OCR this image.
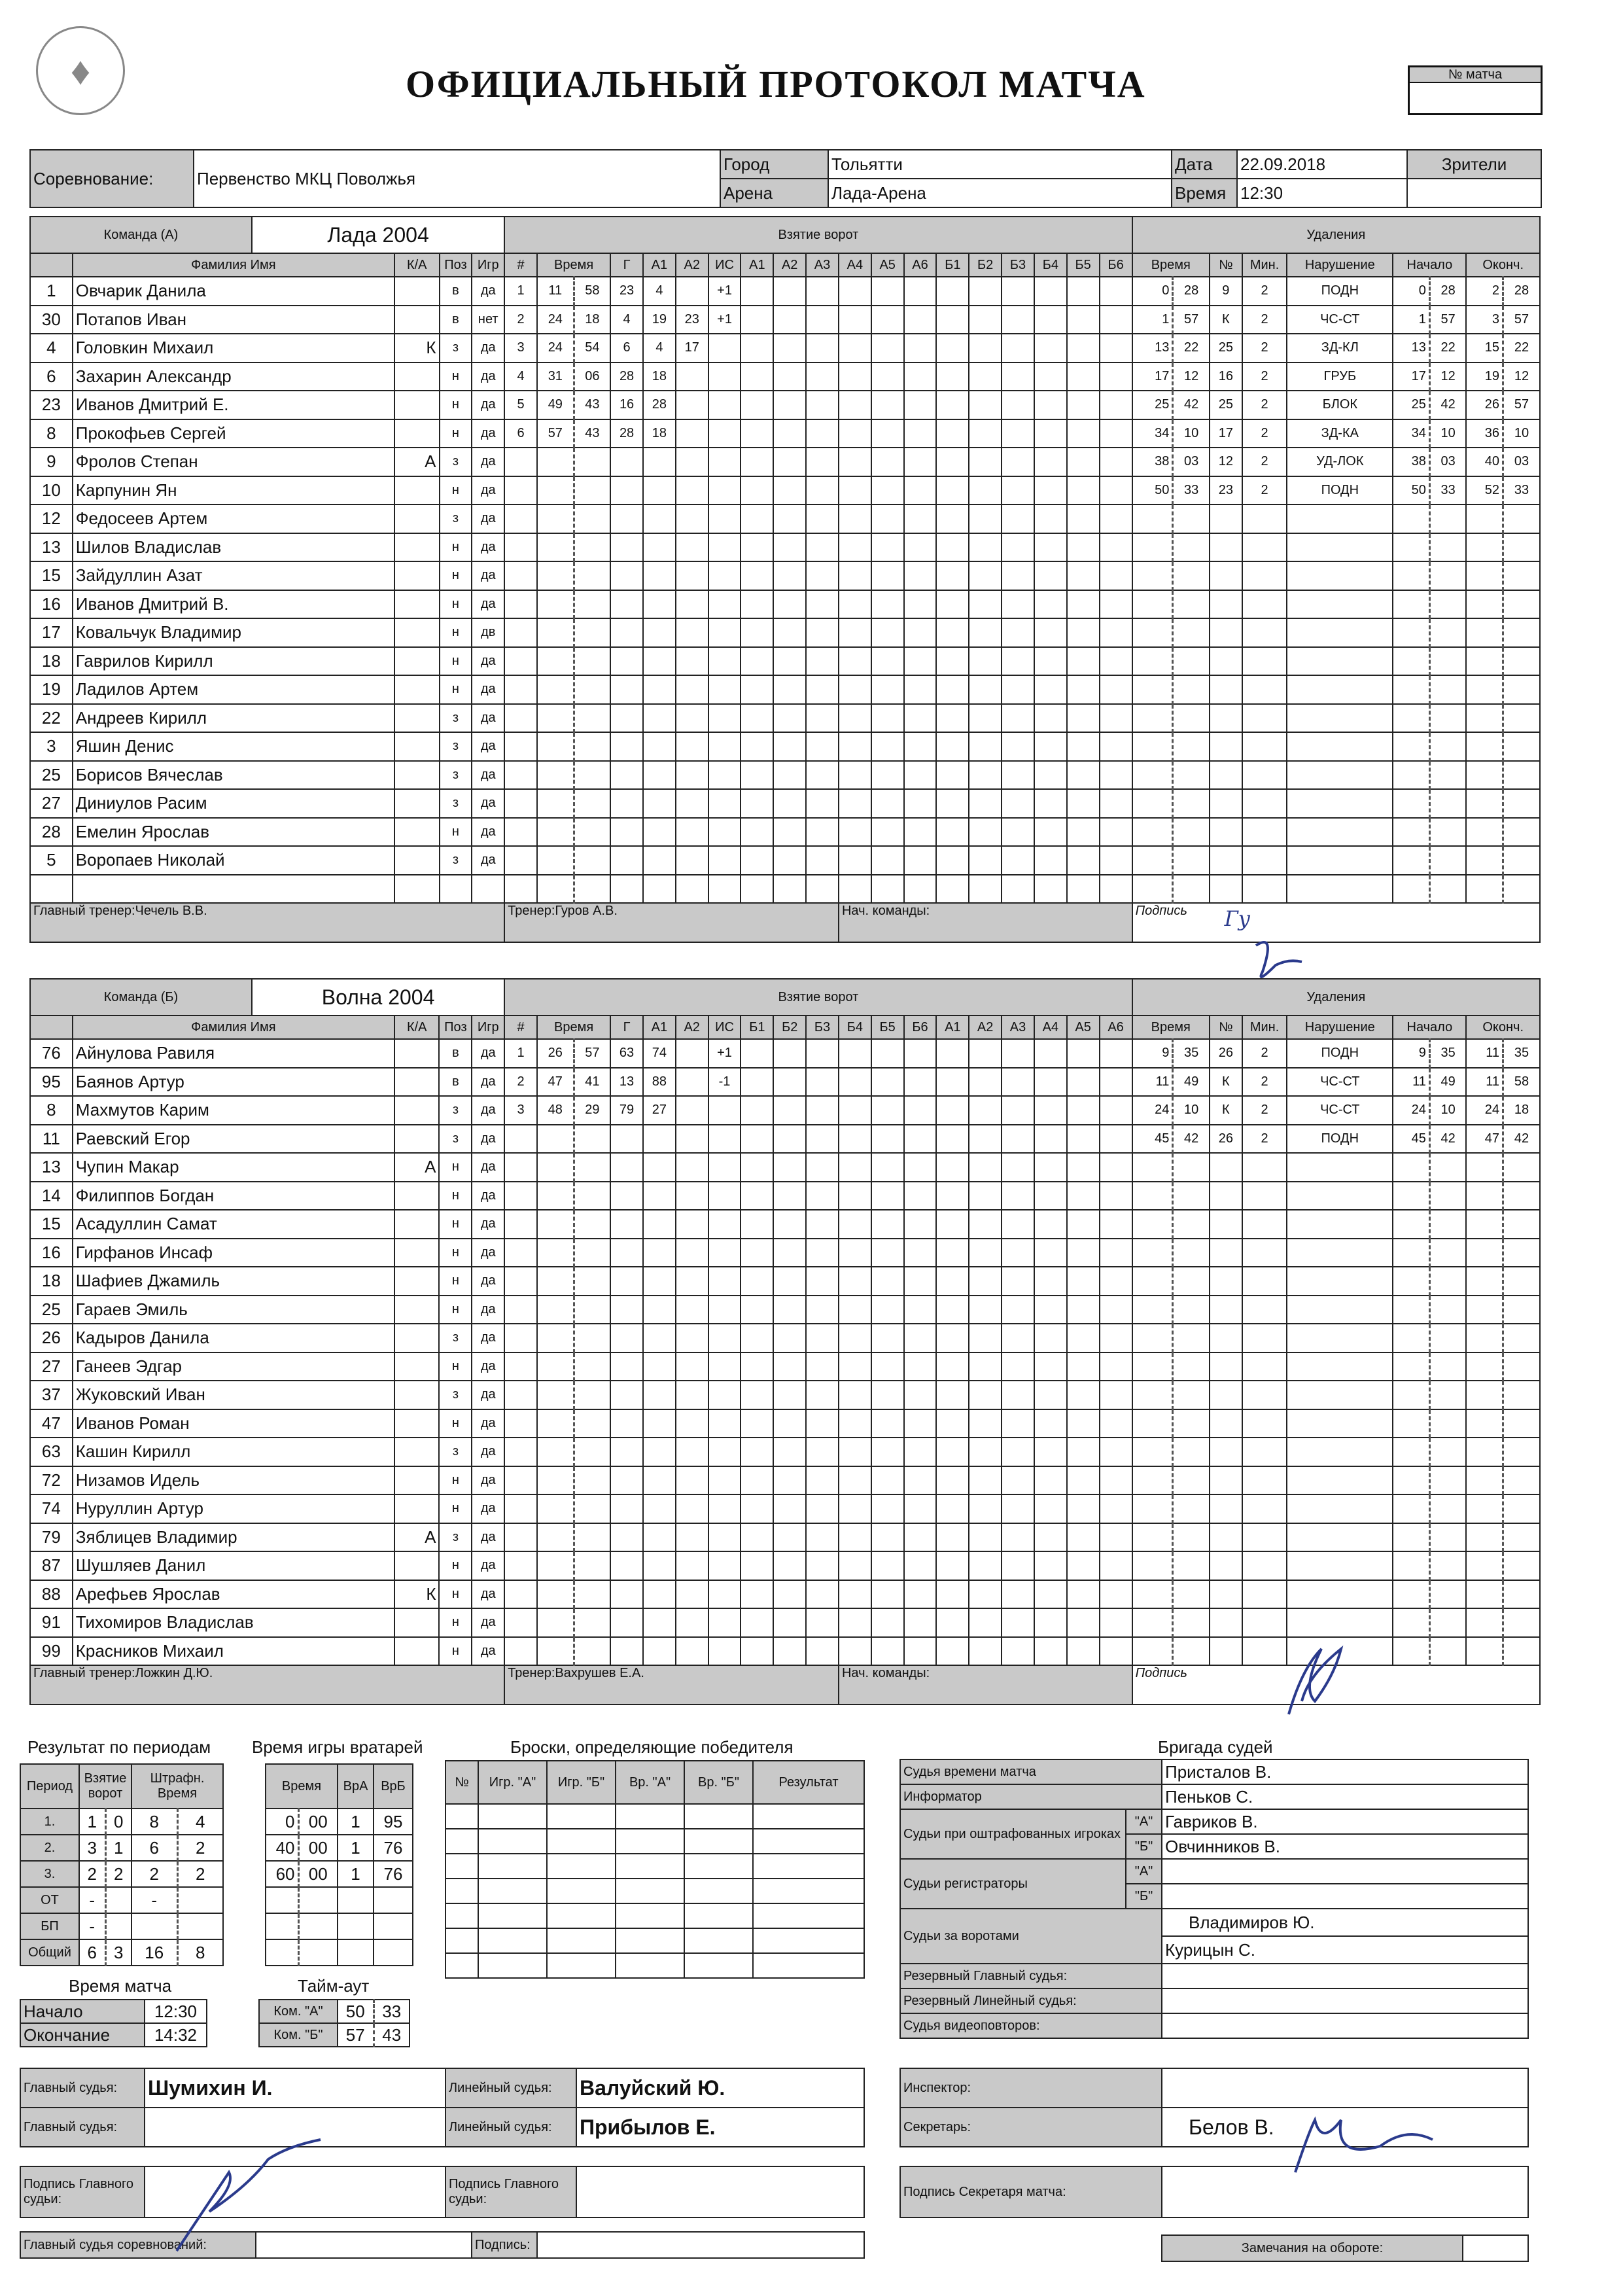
♦	ОФИЦИАЛЬНЫЙ ПРОТОКОЛ МАТЧА	№ матча
Соревнование:	Первенство МКЦ Поволжья	Город	Тольятти	Дата	22.09.2018	Зрители
		Арена	Лада-Арена	Время	12:30	
Команда (А)		Лада 2004				Взятие ворот																			Удаления								
	Фамилия Имя		К/А	Поз	Игр	#	Время		Г	А1	А2	ИС	А1	А2	А3	А4	А5	А6	Б1	Б2	Б3	Б4	Б5	Б6	Время		№	Мин.	Нарушение	Начало		Оконч.	
1	Овчарик Данила			в	да	1	11	58	23	4		+1													0	28	9	2	ПОДН	0	28	2	28
30	Потапов Иван			в	нет	2	24	18	4	19	23	+1													1	57	К	2	ЧС-СТ	1	57	3	57
4	Головкин Михаил		К	з	да	3	24	54	6	4	17														13	22	25	2	ЗД-КЛ	13	22	15	22
6	Захарин Александр			н	да	4	31	06	28	18															17	12	16	2	ГРУБ	17	12	19	12
23	Иванов Дмитрий Е.			н	да	5	49	43	16	28															25	42	25	2	БЛОК	25	42	26	57
8	Прокофьев Сергей			н	да	6	57	43	28	18															34	10	17	2	ЗД-КА	34	10	36	10
9	Фролов Степан		А	з	да																				38	03	12	2	УД-ЛОК	38	03	40	03
10	Карпунин Ян			н	да																				50	33	23	2	ПОДН	50	33	52	33
12	Федосеев Артем			з	да																												
13	Шилов Владислав			н	да																												
15	Зайдуллин Азат			н	да																												
16	Иванов Дмитрий В.			н	да																												
17	Ковальчук Владимир			н	дв																												
18	Гаврилов Кирилл			н	да																												
19	Ладилов Артем			н	да																												
22	Андреев Кирилл			з	да																												
3	Яшин Денис			з	да																												
25	Борисов Вячеслав			з	да																												
27	Диниулов Расим			з	да																												
28	Емелин Ярослав			н	да																												
5	Воропаев Николай			з	да																												

Главный тренер:Чечель В.В.						Тренер:Гуров А.В.										Нач. команды:									Подпись Гу								
Команда (Б)		Волна 2004				Взятие ворот																			Удаления								
	Фамилия Имя		К/А	Поз	Игр	#	Время		Г	А1	А2	ИС	Б1	Б2	Б3	Б4	Б5	Б6	А1	А2	А3	А4	А5	А6	Время		№	Мин.	Нарушение	Начало		Оконч.	
76	Айнулова Равиля			в	да	1	26	57	63	74		+1													9	35	26	2	ПОДН	9	35	11	35
95	Баянов Артур			в	да	2	47	41	13	88		-1													11	49	К	2	ЧС-СТ	11	49	11	58
8	Махмутов Карим			з	да	3	48	29	79	27															24	10	К	2	ЧС-СТ	24	10	24	18
11	Раевский Егор			з	да																				45	42	26	2	ПОДН	45	42	47	42
13	Чупин Макар		А	н	да																												
14	Филиппов Богдан			н	да																												
15	Асадуллин Самат			н	да																												
16	Гирфанов Инсаф			н	да																												
18	Шафиев Джамиль			н	да																												
25	Гараев Эмиль			н	да																												
26	Кадыров Данила			з	да																												
27	Ганеев Эдгар			н	да																												
37	Жуковский Иван			з	да																												
47	Иванов Роман			н	да																												
63	Кашин Кирилл			з	да																												
72	Низамов Идель			н	да																												
74	Нуруллин Артур			н	да																												
79	Зяблицев Владимир		А	з	да																												
87	Шушляев Данил			н	да																												
88	Арефьев Ярослав		К	н	да																												
91	Тихомиров Владислав			н	да																												
99	Красников Михаил			н	да																												
Главный тренер:Ложкин Д.Ю.						Тренер:Вахрушев Е.А.										Нач. команды:									Подпись								
Результат по периодам
Период	Взятие ворот		Штрафн. Время	
1.	1	0	8	4
2.	3	1	6	2
3.	2	2	2	2
ОТ	-		-	
БП	-			
Общий	6	3	16	8
Время игры вратарей
Время		ВрА	ВрБ
0	00	1	95
40	00	1	76
60	00	1	76

Броски, определяющие победителя
№	Игр. "А"	Игр. "Б"	Вр. "А"	Вр. "Б"	Результат

Время матча
Начало	12:30
Окончание	14:32
Тайм-аут
Ком. "А"	50	33
Ком. "Б"	57	43
Бригада судей
Судья времени матча		Присталов В.
Информатор		Пеньков С.
Судьи при оштрафованных игроках	"А"	Гавриков В.
	"Б"	Овчинников В.
Судьи регистраторы	"А"	
	"Б"	
Судьи за воротами		Владимиров Ю.
		Курицын С.
Резервный Главный судья:		
Резервный Линейный судья:		
Судья видеоповторов:		
Главный судья:	Шумихин И.	Линейный судья:	Валуйский Ю.
Главный судья:		Линейный судья:	Прибылов Е.

Подпись Главного судьи:		Подпись Главного судьи:	
Инспектор:	
Секретарь:	Белов В.

Подпись Секретаря матча:	
Главный судья соревнований:		Подпись:		Замечания на обороте:	
